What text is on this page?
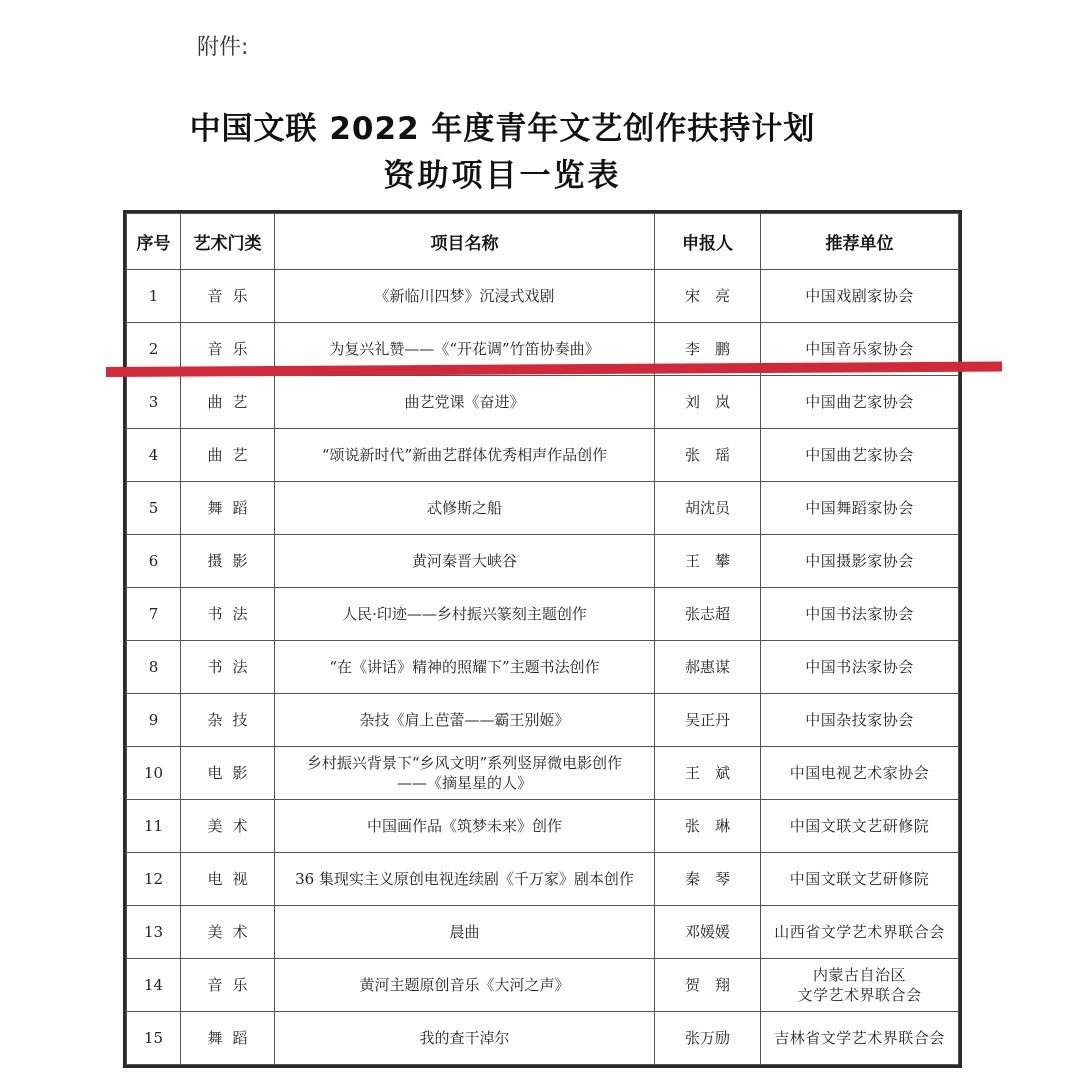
附件:
中国文联 2022 年度青年文艺创作扶持计划
资助项目一览表
序号	艺术门类	项目名称	申报人	推荐单位
1	音乐	《新临川四梦》沉浸式戏剧	宋　亮	中国戏剧家协会
2	音乐	为复兴礼赞——《“开花调”竹笛协奏曲》	李　鹏	中国音乐家协会
3	曲艺	曲艺党课《奋进》	刘　岚	中国曲艺家协会
4	曲艺	“颂说新时代”新曲艺群体优秀相声作品创作	张　瑶	中国曲艺家协会
5	舞蹈	忒修斯之船	胡沈员	中国舞蹈家协会
6	摄影	黄河秦晋大峡谷	王　攀	中国摄影家协会
7	书法	人民·印迹——乡村振兴篆刻主题创作	张志超	中国书法家协会
8	书法	“在《讲话》精神的照耀下”主题书法创作	郝惠谋	中国书法家协会
9	杂技	杂技《肩上芭蕾——霸王别姬》	吴正丹	中国杂技家协会
10	电影	乡村振兴背景下“乡风文明”系列竖屏微电影创作
——《摘星星的人》	王　斌	中国电视艺术家协会
11	美术	中国画作品《筑梦未来》创作	张　琳	中国文联文艺研修院
12	电视	36 集现实主义原创电视连续剧《千万家》剧本创作	秦　琴	中国文联文艺研修院
13	美术	晨曲	邓媛媛	山西省文学艺术界联合会
14	音乐	黄河主题原创音乐《大河之声》	贺　翔	内蒙古自治区
文学艺术界联合会
15	舞蹈	我的查干淖尔	张万励	吉林省文学艺术界联合会
